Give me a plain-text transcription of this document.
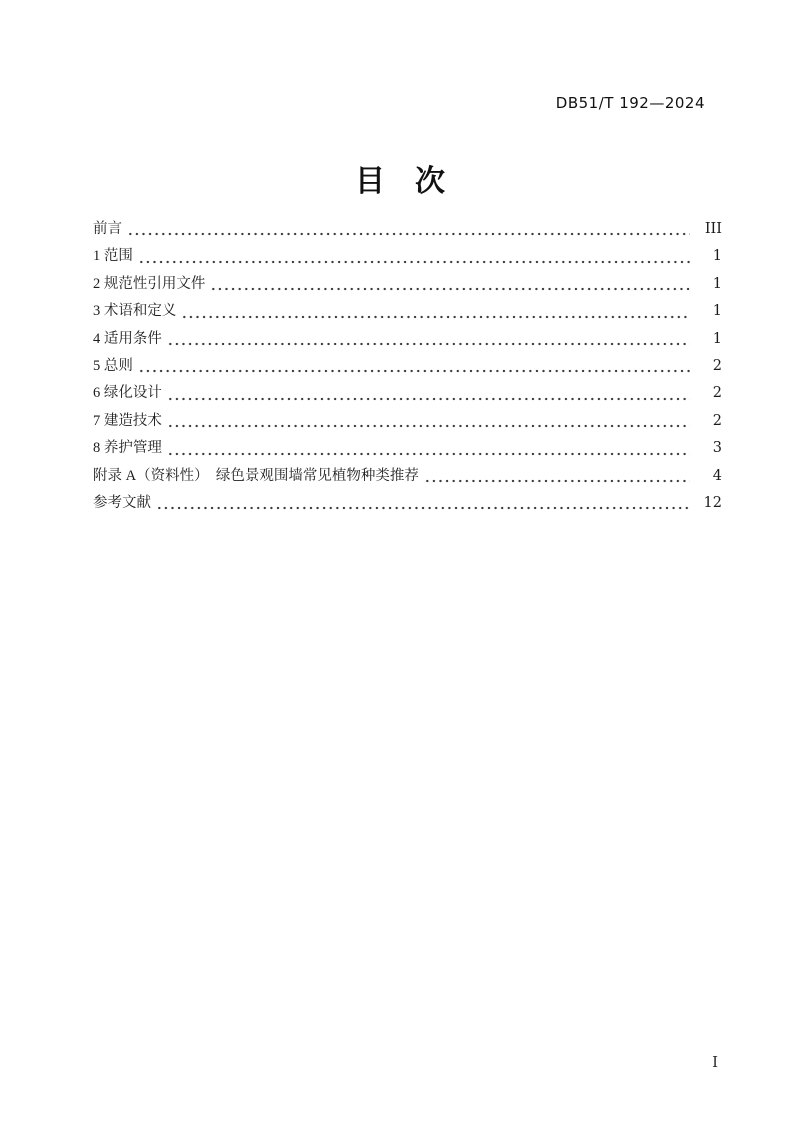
DB51/T 192—2024
目　次
前言	III
1 范围	1
2 规范性引用文件	1
3 术语和定义	1
4 适用条件	1
5 总则	2
6 绿化设计	2
7 建造技术	2
8 养护管理	3
附录 A（资料性）　绿色景观围墙常见植物种类推荐	4
参考文献	12
I
